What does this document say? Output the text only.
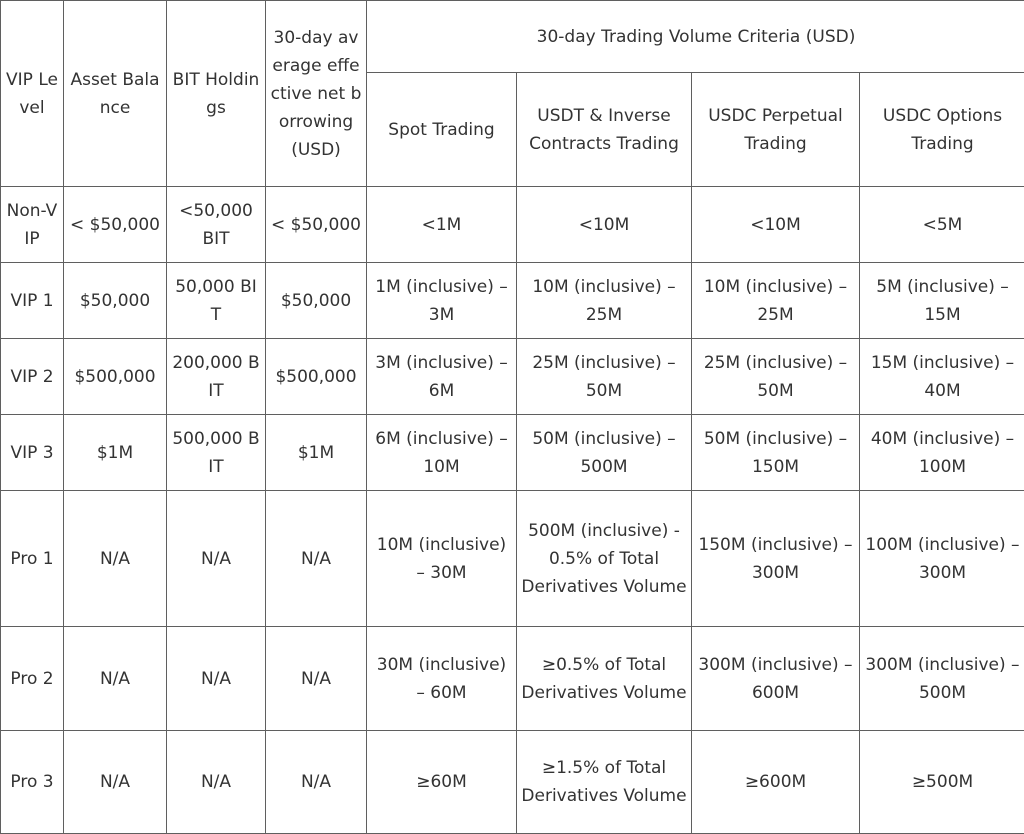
VIP Level	Asset Balance	BIT Holdings	30-day average effective net borrowing (USD)	30-day Trading Volume Criteria (USD)			
				Spot Trading	USDT & Inverse Contracts Trading	USDC Perpetual Trading	USDC Options Trading
Non-VIP	< $50,000	<50,000 BIT	< $50,000	<1M	<10M	<10M	<5M
VIP 1	$50,000	50,000 BIT	$50,000	1M (inclusive) – 3M	10M (inclusive) – 25M	10M (inclusive) – 25M	5M (inclusive) – 15M
VIP 2	$500,000	200,000 BIT	$500,000	3M (inclusive) – 6M	25M (inclusive) – 50M	25M (inclusive) – 50M	15M (inclusive) – 40M
VIP 3	$1M	500,000 BIT	$1M	6M (inclusive) – 10M	50M (inclusive) – 500M	50M (inclusive) – 150M	40M (inclusive) – 100M
Pro 1	N/A	N/A	N/A	10M (inclusive) – 30M	500M (inclusive) - 0.5% of Total Derivatives Volume	150M (inclusive) – 300M	100M (inclusive) – 300M
Pro 2	N/A	N/A	N/A	30M (inclusive) – 60M	≥0.5% of Total Derivatives Volume	300M (inclusive) – 600M	300M (inclusive) – 500M
Pro 3	N/A	N/A	N/A	≥60M	≥1.5% of Total Derivatives Volume	≥600M	≥500M
